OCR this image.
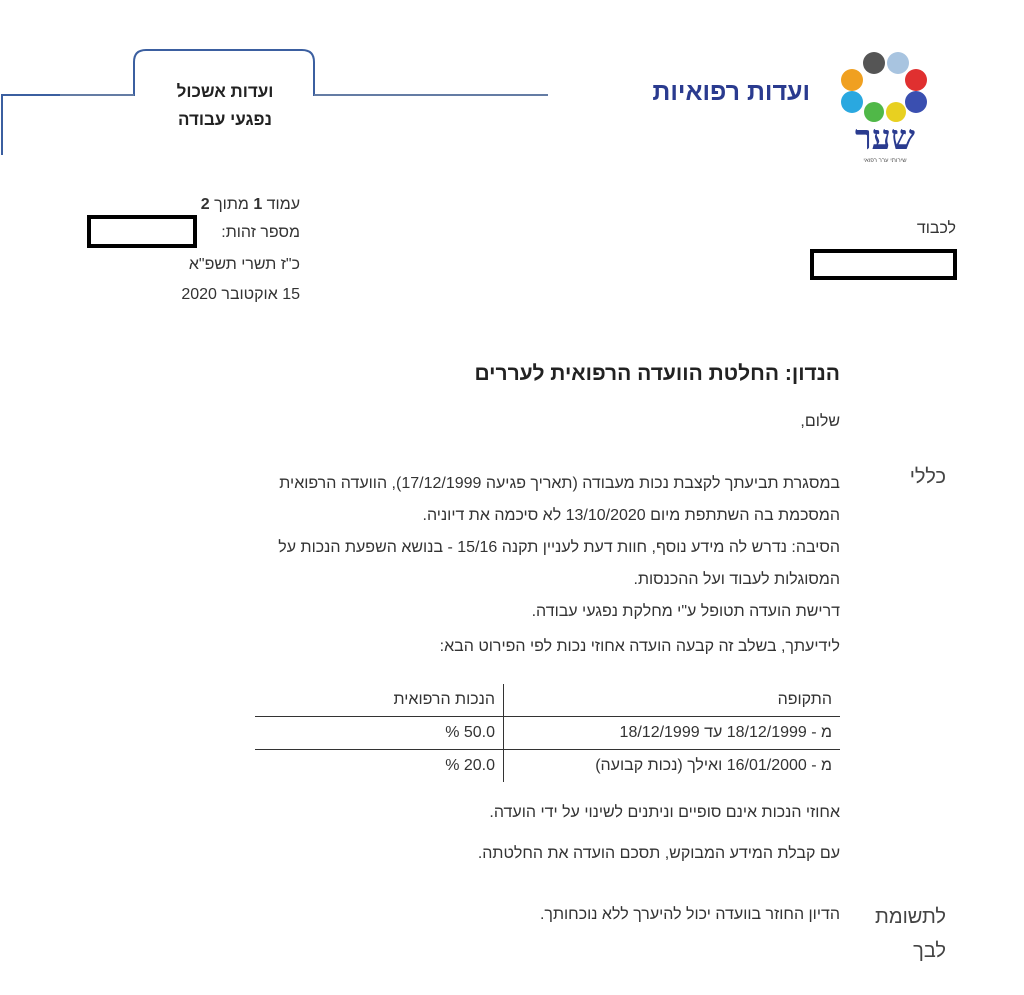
ועדות אשכול
נפגעי עבודה
ועדות רפואיות
שער
שירותי ערר רפואי
עמוד 1 מתוך 2
מספר זהות:
כ"ז תשרי תשפ"א
15 אוקטובר 2020
לכבוד
הנדון: החלטת הוועדה הרפואית לעררים
שלום,
כללי
לתשומת
לבך

במסגרת תביעתך לקצבת נכות מעבודה (תאריך פגיעה 17/12/1999), הוועדה הרפואית

המסכמת בה השתתפת מיום 13/10/2020 לא סיכמה את דיוניה.

הסיבה: נדרש לה מידע נוסף, חוות דעת לעניין תקנה 15/16 - בנושא השפעת הנכות על

המסוגלות לעבוד ועל ההכנסות.

דרישת הועדה תטופל ע"י מחלקת נפגעי עבודה.

לידיעתך, בשלב זה קבעה הועדה אחוזי נכות לפי הפירוט הבא:

התקופה	הנכות הרפואית
מ - 18/12/1999 עד 18/12/1999	50.0 %
מ - 16/01/2000 ואילך (נכות קבועה)	20.0 %
אחוזי הנכות אינם סופיים וניתנים לשינוי על ידי הועדה.
עם קבלת המידע המבוקש, תסכם הועדה את החלטתה.
הדיון החוזר בוועדה יכול להיערך ללא נוכחותך.
